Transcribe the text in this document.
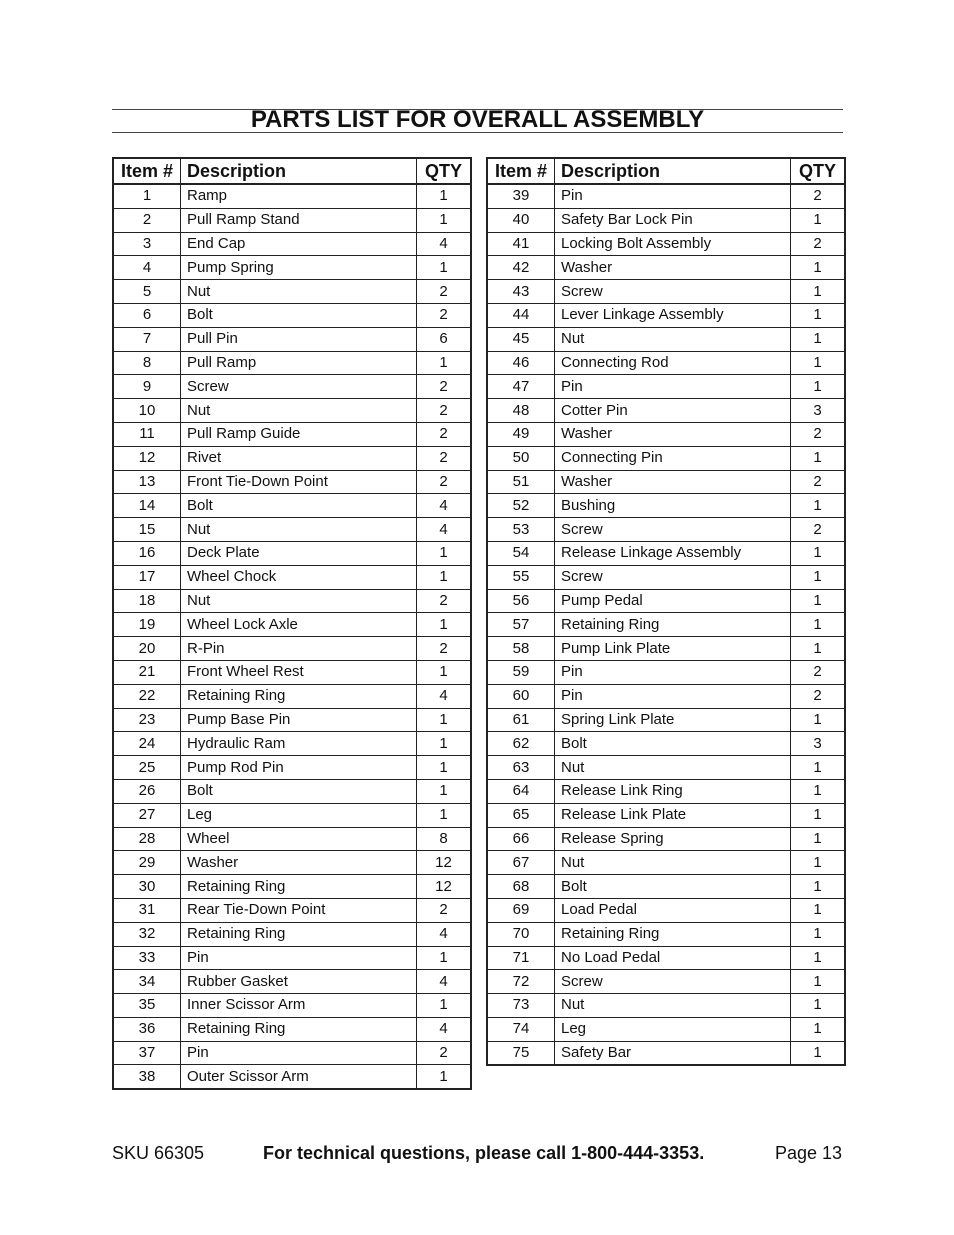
PARTS LIST FOR OVERALL ASSEMBLY
Item #	Description	QTY
1	Ramp	1
2	Pull Ramp Stand	1
3	End Cap	4
4	Pump Spring	1
5	Nut	2
6	Bolt	2
7	Pull Pin	6
8	Pull Ramp	1
9	Screw	2
10	Nut	2
11	Pull Ramp Guide	2
12	Rivet	2
13	Front Tie-Down Point	2
14	Bolt	4
15	Nut	4
16	Deck Plate	1
17	Wheel Chock	1
18	Nut	2
19	Wheel Lock Axle	1
20	R-Pin	2
21	Front Wheel Rest	1
22	Retaining Ring	4
23	Pump Base Pin	1
24	Hydraulic Ram	1
25	Pump Rod Pin	1
26	Bolt	1
27	Leg	1
28	Wheel	8
29	Washer	12
30	Retaining Ring	12
31	Rear Tie-Down Point	2
32	Retaining Ring	4
33	Pin	1
34	Rubber Gasket	4
35	Inner Scissor Arm	1
36	Retaining Ring	4
37	Pin	2
38	Outer Scissor Arm	1
Item #	Description	QTY
39	Pin	2
40	Safety Bar Lock Pin	1
41	Locking Bolt Assembly	2
42	Washer	1
43	Screw	1
44	Lever Linkage Assembly	1
45	Nut	1
46	Connecting Rod	1
47	Pin	1
48	Cotter Pin	3
49	Washer	2
50	Connecting Pin	1
51	Washer	2
52	Bushing	1
53	Screw	2
54	Release Linkage Assembly	1
55	Screw	1
56	Pump Pedal	1
57	Retaining Ring	1
58	Pump Link Plate	1
59	Pin	2
60	Pin	2
61	Spring Link Plate	1
62	Bolt	3
63	Nut	1
64	Release Link Ring	1
65	Release Link Plate	1
66	Release Spring	1
67	Nut	1
68	Bolt	1
69	Load Pedal	1
70	Retaining Ring	1
71	No Load Pedal	1
72	Screw	1
73	Nut	1
74	Leg	1
75	Safety Bar	1
SKU 66305	For technical questions, please call 1-800-444-3353.	Page 13
